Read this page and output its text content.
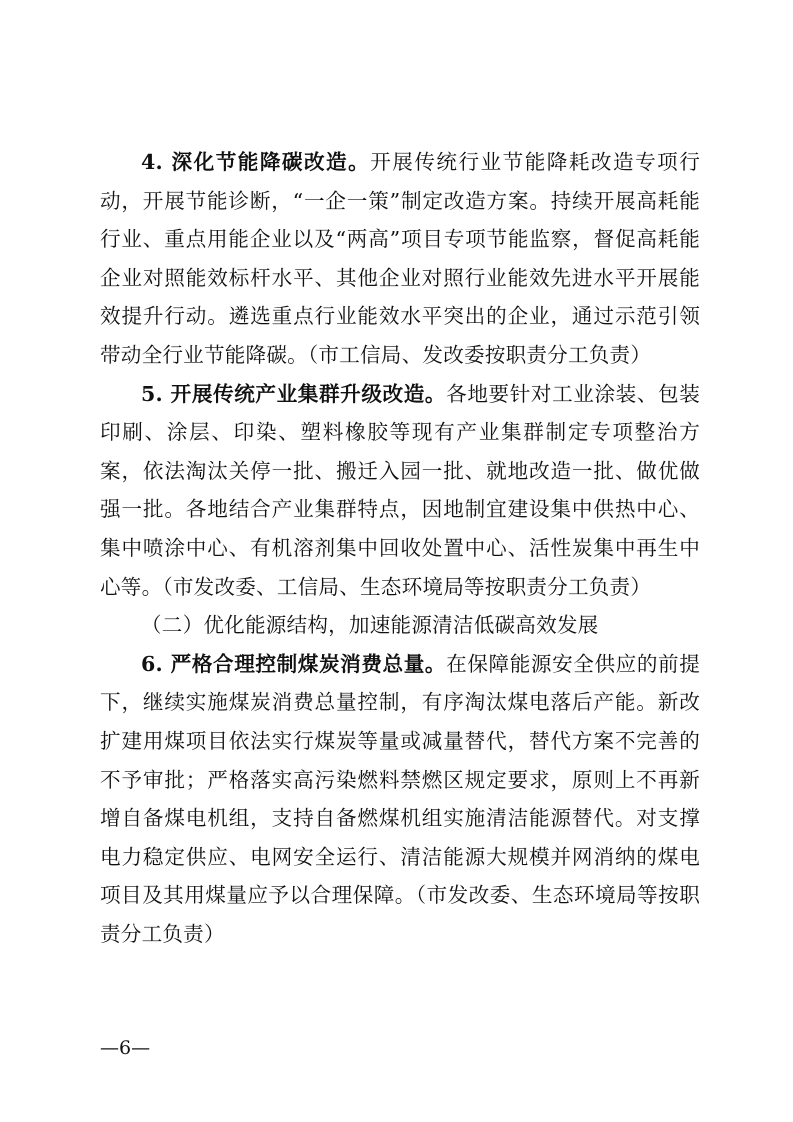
4. 深化节能降碳改造。开展传统行业节能降耗改造专项行动，开展节能诊断，“一企一策”制定改造方案。持续开展高耗能行业、重点用能企业以及“两高”项目专项节能监察，督促高耗能企业对照能效标杆水平、其他企业对照行业能效先进水平开展能效提升行动。遴选重点行业能效水平突出的企业，通过示范引领带动全行业节能降碳。（市工信局、发改委按职责分工负责）

5. 开展传统产业集群升级改造。各地要针对工业涂装、包装印刷、涂层、印染、塑料橡胶等现有产业集群制定专项整治方案，依法淘汰关停一批、搬迁入园一批、就地改造一批、做优做强一批。各地结合产业集群特点，因地制宜建设集中供热中心、集中喷涂中心、有机溶剂集中回收处置中心、活性炭集中再生中心等。（市发改委、工信局、生态环境局等按职责分工负责）

（二）优化能源结构，加速能源清洁低碳高效发展

6. 严格合理控制煤炭消费总量。在保障能源安全供应的前提下，继续实施煤炭消费总量控制，有序淘汰煤电落后产能。新改扩建用煤项目依法实行煤炭等量或减量替代，替代方案不完善的不予审批；严格落实高污染燃料禁燃区规定要求，原则上不再新增自备煤电机组，支持自备燃煤机组实施清洁能源替代。对支撑电力稳定供应、电网安全运行、清洁能源大规模并网消纳的煤电项目及其用煤量应予以合理保障。（市发改委、生态环境局等按职责分工负责）

—6—
